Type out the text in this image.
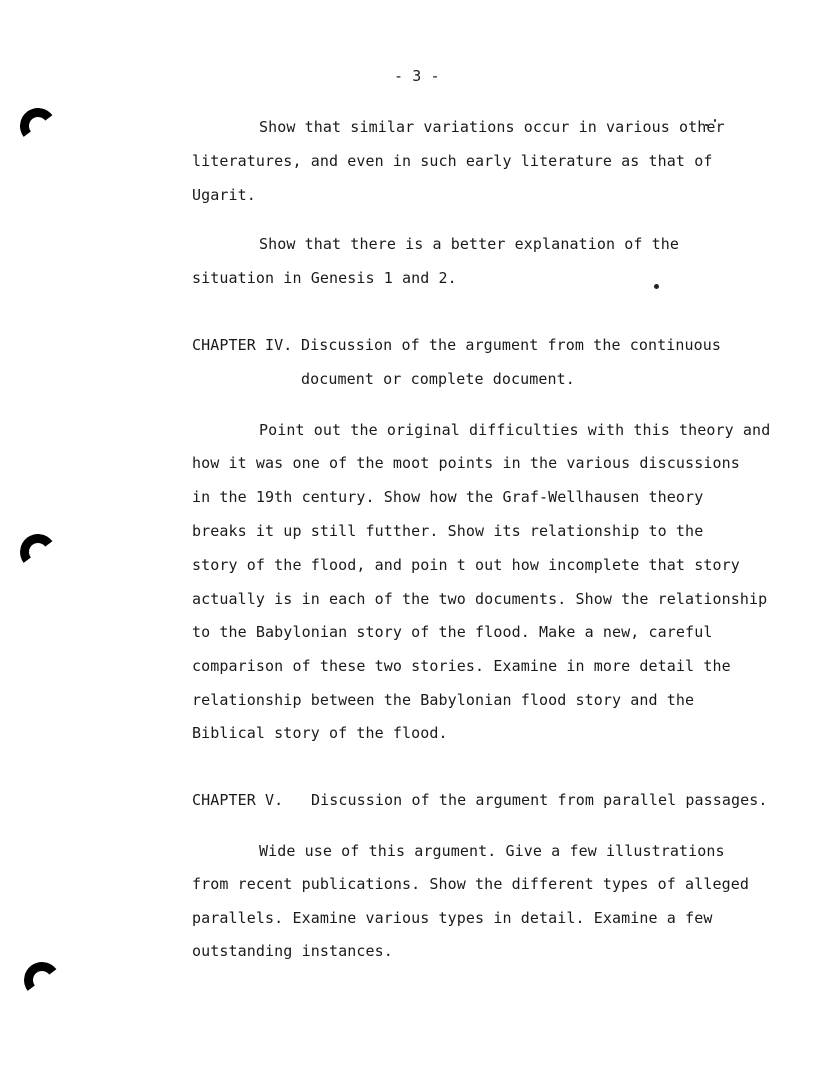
- 3 -
Show that similar variations occur in various other
literatures, and even in such early literature as that of
Ugarit.
Show that there is a better explanation of the
situation in Genesis 1 and 2.
CHAPTER IV. Discussion of the argument from the continuous
document or complete document.
Point out the original difficulties with this theory and
how it was one of the moot points in the various discussions
in the 19th century. Show how the Graf-Wellhausen theory
breaks it up still futther. Show its relationship to the
story of the flood, and poin t out how incomplete that story
actually is in each of the two documents. Show the relationship
to the Babylonian story of the flood. Make a new, careful
comparison of these two stories. Examine in more detail the
relationship between the Babylonian flood story and the
Biblical story of the flood.
CHAPTER V. Discussion of the argument from parallel passages.
Wide use of this argument. Give a few illustrations
from recent publications. Show the different types of alleged
parallels. Examine various types in detail. Examine a few
outstanding instances.
